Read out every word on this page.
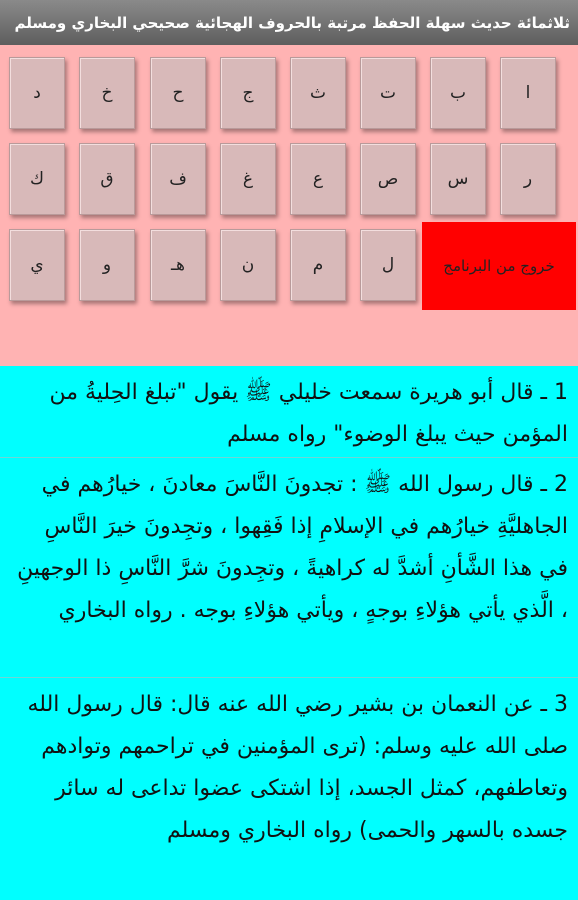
ثلاثمائة حديث سهلة الحفظ مرتبة بالحروف الهجائية صحيحي البخاري ومسلم
ا
ب
ت
ث
ج
ح
خ
د
ر
س
ص
ع
غ
ف
ق
ك
خروج من البرنامج
ل
م
ن
هـ
و
ي
1 ـ قال أبو هريرة سمعت خليلي ﷺ يقول "تبلغ الحِليةُ من المؤمن حيث يبلغ الوضوء" رواه مسلم
2 ـ قال رسول الله ﷺ : تجدونَ النَّاسَ معادنَ ، خيارُهم في الجاهليَّةِ خيارُهم في الإسلامِ إذا فَقِهوا ، وتجِدونَ خيرَ النَّاسِ في هذا الشَّأنِ أشدَّ له كراهيةً ، وتجِدونَ شرَّ النَّاسِ ذا الوجهينِ ، الَّذي يأتي هؤلاءِ بوجهٍ ، ويأتي هؤلاءِ بوجه . رواه البخاري
3 ـ عن النعمان بن بشير رضي الله عنه قال: قال رسول الله صلى الله عليه وسلم: (ترى المؤمنين في تراحمهم وتوادهم وتعاطفهم، كمثل الجسد، إذا اشتكى عضوا تداعى له سائر جسده بالسهر والحمى) رواه البخاري ومسلم
